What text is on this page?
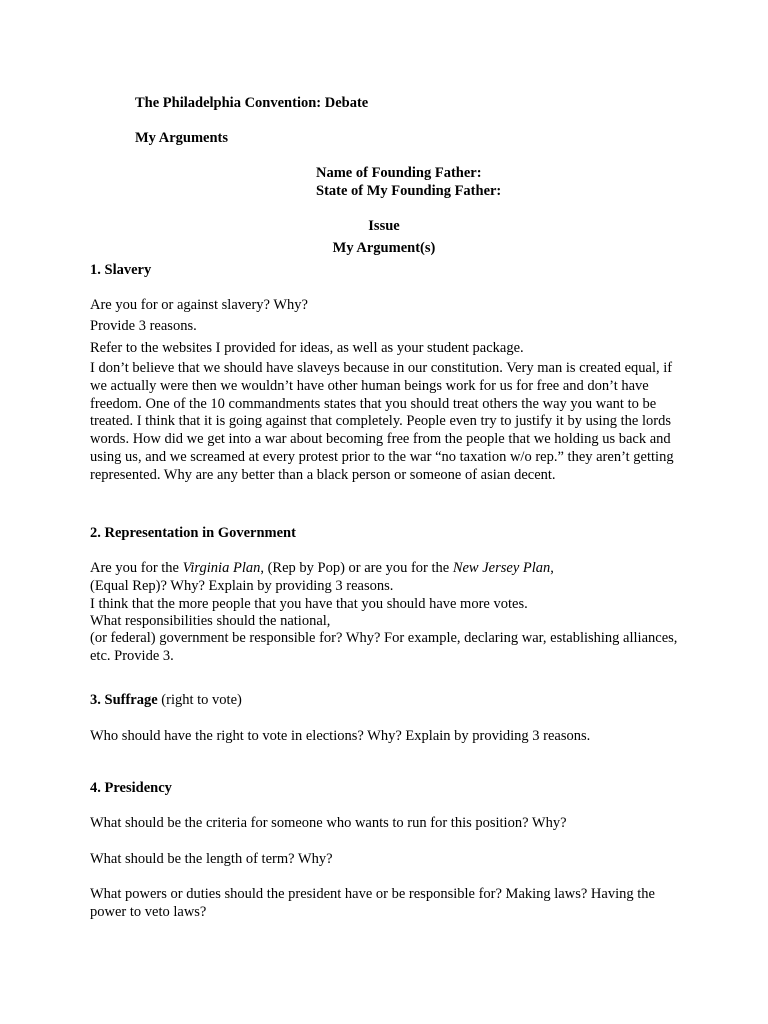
The Philadelphia Convention: Debate
My Arguments
Name of Founding Father:
State of My Founding Father:
Issue
My Argument(s)
1. Slavery
Are you for or against slavery? Why?
Provide 3 reasons.
Refer to the websites I provided for ideas, as well as your student package.
I don’t believe that we should have slaveys because in our constitution. Very man is created equal, if we actually were then we wouldn’t have other human beings work for us for free and don’t have freedom. One of the 10 commandments states that you should treat others the way you want to be treated. I think that it is going against that completely. People even try to justify it by using the lords words. How did we get into a war about becoming free from the people that we holding us back and using us, and we screamed at every protest prior to the war “no taxation w/o rep.” they aren’t getting represented. Why are any better than a black person or someone of asian decent.
2. Representation in Government
Are you for the Virginia Plan, (Rep by Pop) or are you for the New Jersey Plan,
(Equal Rep)? Why? Explain by providing 3 reasons.
I think that the more people that you have that you should have more votes.
What responsibilities should the national,
(or federal) government be responsible for? Why? For example, declaring war, establishing alliances, etc. Provide 3.
3. Suffrage (right to vote)
Who should have the right to vote in elections? Why? Explain by providing 3 reasons.
4. Presidency
What should be the criteria for someone who wants to run for this position? Why?
What should be the length of term? Why?
What powers or duties should the president have or be responsible for? Making laws? Having the power to veto laws?
